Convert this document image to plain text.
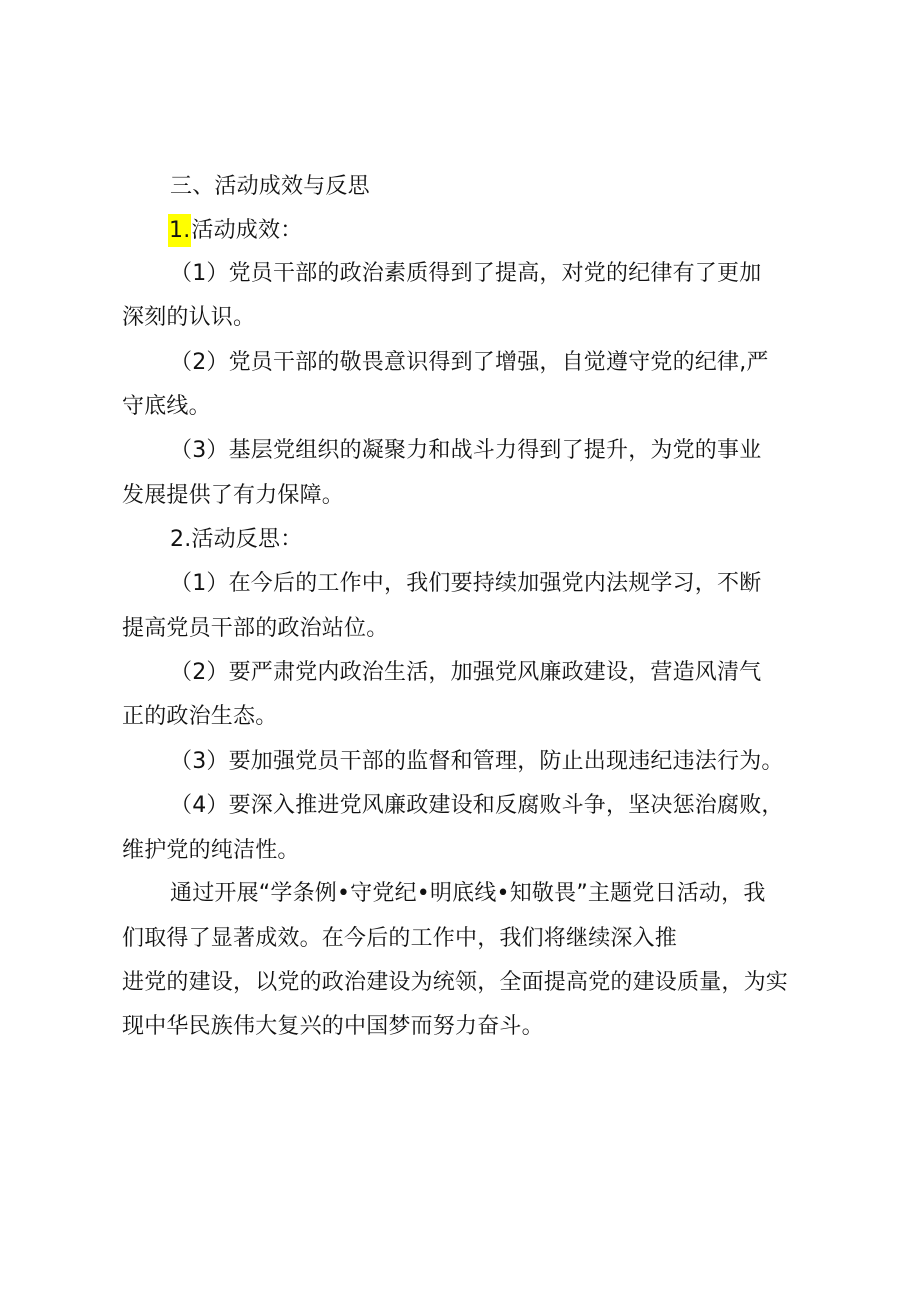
三、活动成效与反思
1.活动成效：
（1）党员干部的政治素质得到了提高，对党的纪律有了更加
深刻的认识。
（2）党员干部的敬畏意识得到了增强，自觉遵守党的纪律,严
守底线。
（3）基层党组织的凝聚力和战斗力得到了提升，为党的事业
发展提供了有力保障。
2.活动反思：
（1）在今后的工作中，我们要持续加强党内法规学习，不断
提高党员干部的政治站位。
（2）要严肃党内政治生活，加强党风廉政建设，营造风清气
正的政治生态。
（3）要加强党员干部的监督和管理，防止出现违纪违法行为。
（4）要深入推进党风廉政建设和反腐败斗争，坚决惩治腐败，
维护党的纯洁性。
通过开展“学条例•守党纪•明底线•知敬畏”主题党日活动，我
们取得了显著成效。在今后的工作中，我们将继续深入推
进党的建设，以党的政治建设为统领，全面提高党的建设质量，为实
现中华民族伟大复兴的中国梦而努力奋斗。
